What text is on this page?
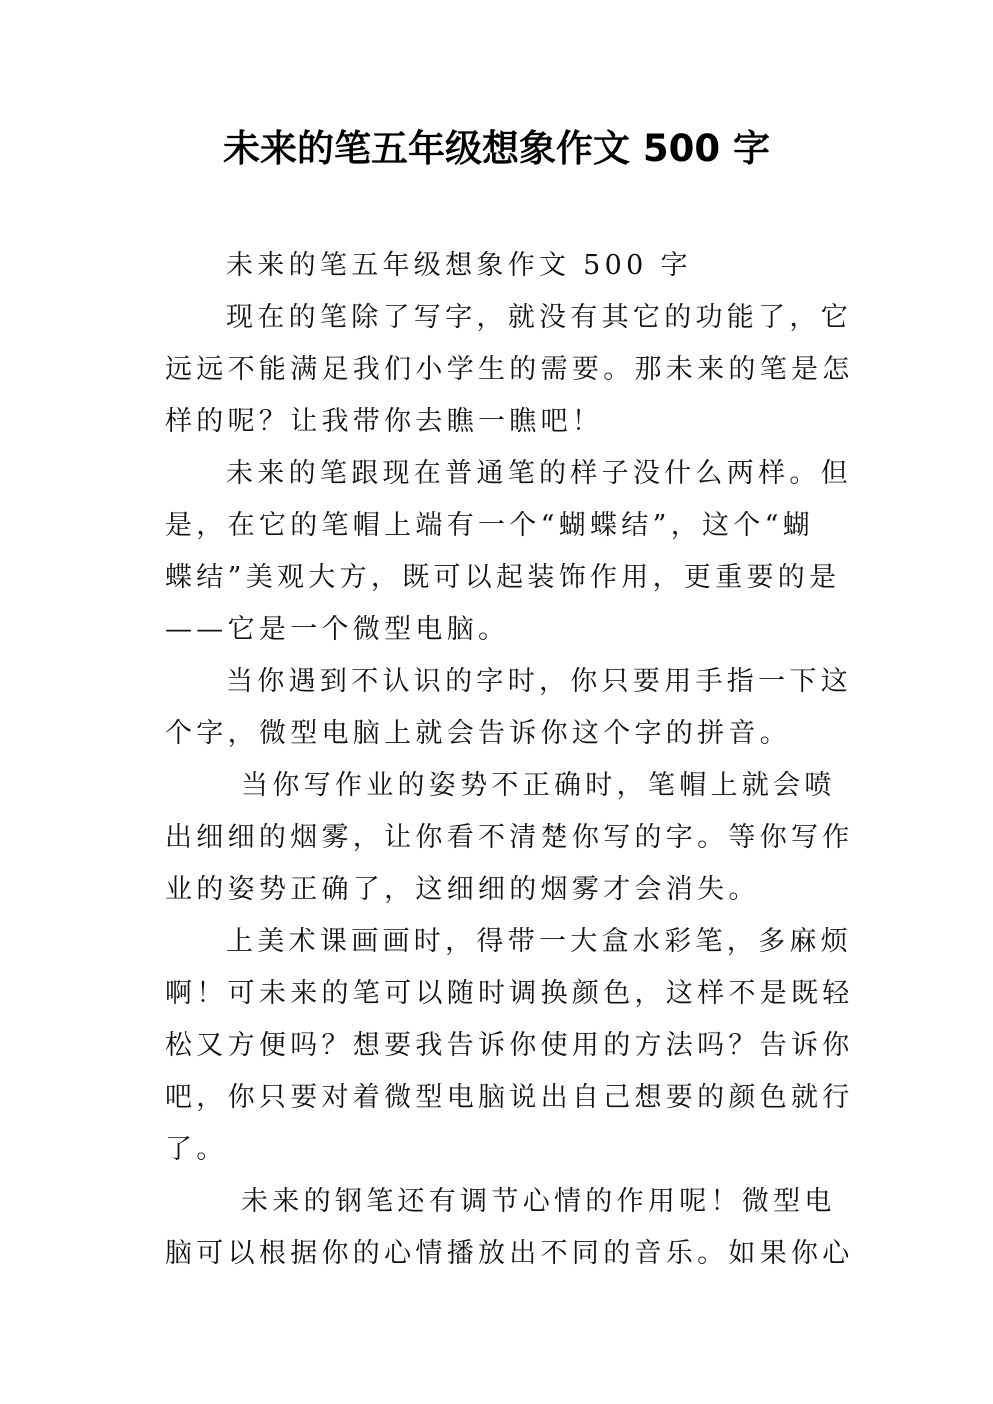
未来的笔五年级想象作文 500 字
未来的笔五年级想象作文 500 字
现在的笔除了写字，就没有其它的功能了，它
远远不能满足我们小学生的需要。那未来的笔是怎
样的呢？让我带你去瞧一瞧吧！
未来的笔跟现在普通笔的样子没什么两样。但
是，在它的笔帽上端有一个“蝴蝶结”，这个“蝴
蝶结”美观大方，既可以起装饰作用，更重要的是
——它是一个微型电脑。
当你遇到不认识的字时，你只要用手指一下这
个字，微型电脑上就会告诉你这个字的拼音。
当你写作业的姿势不正确时，笔帽上就会喷
出细细的烟雾，让你看不清楚你写的字。等你写作
业的姿势正确了，这细细的烟雾才会消失。
上美术课画画时，得带一大盒水彩笔，多麻烦
啊！可未来的笔可以随时调换颜色，这样不是既轻
松又方便吗？想要我告诉你使用的方法吗？告诉你
吧，你只要对着微型电脑说出自己想要的颜色就行
了。
未来的钢笔还有调节心情的作用呢！微型电
脑可以根据你的心情播放出不同的音乐。如果你心
